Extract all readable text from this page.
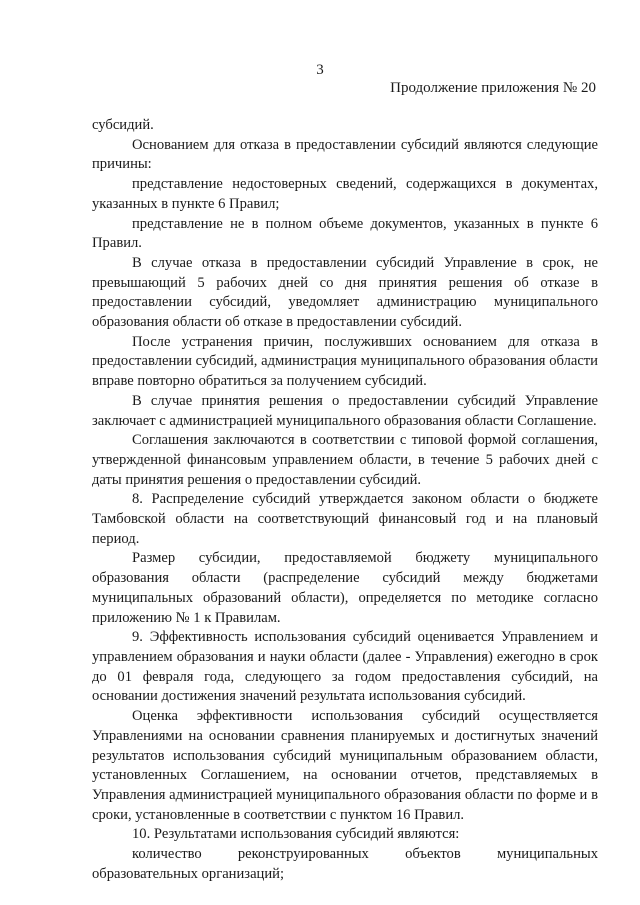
3
Продолжение приложения № 20

субсидий.

Основанием для отказа в предоставлении субсидий являются следующие причины:

представление недостоверных сведений, содержащихся в документах, указанных в пункте 6 Правил;

представление не в полном объеме документов, указанных в пункте 6 Правил.

В случае отказа в предоставлении субсидий Управление в срок, не превышающий 5 рабочих дней со дня принятия решения об отказе в предоставлении субсидий, уведомляет администрацию муниципального образования области об отказе в предоставлении субсидий.

После устранения причин, послуживших основанием для отказа в предоставлении субсидий, администрация муниципального образования области вправе повторно обратиться за получением субсидий.

В случае принятия решения о предоставлении субсидий Управление заключает с администрацией муниципального образования области Соглашение.

Соглашения заключаются в соответствии с типовой формой соглашения, утвержденной финансовым управлением области, в течение 5 рабочих дней с даты принятия решения о предоставлении субсидий.

8. Распределение субсидий утверждается законом области о бюджете Тамбовской области на соответствующий финансовый год и на плановый период.

Размер субсидии, предоставляемой бюджету муниципального образования области (распределение субсидий между бюджетами муниципальных образований области), определяется по методике согласно приложению № 1 к Правилам.

9. Эффективность использования субсидий оценивается Управлением и управлением образования и науки области (далее - Управления) ежегодно в срок до 01 февраля года, следующего за годом предоставления субсидий, на основании достижения значений результата использования субсидий.

Оценка эффективности использования субсидий осуществляется Управлениями на основании сравнения планируемых и достигнутых значений результатов использования субсидий муниципальным образованием области, установленных Соглашением, на основании отчетов, представляемых в Управления администрацией муниципального образования области по форме и в сроки, установленные в соответствии с пунктом 16 Правил.

10. Результатами использования субсидий являются:

количество реконструированных объектов муниципальных образовательных организаций;
